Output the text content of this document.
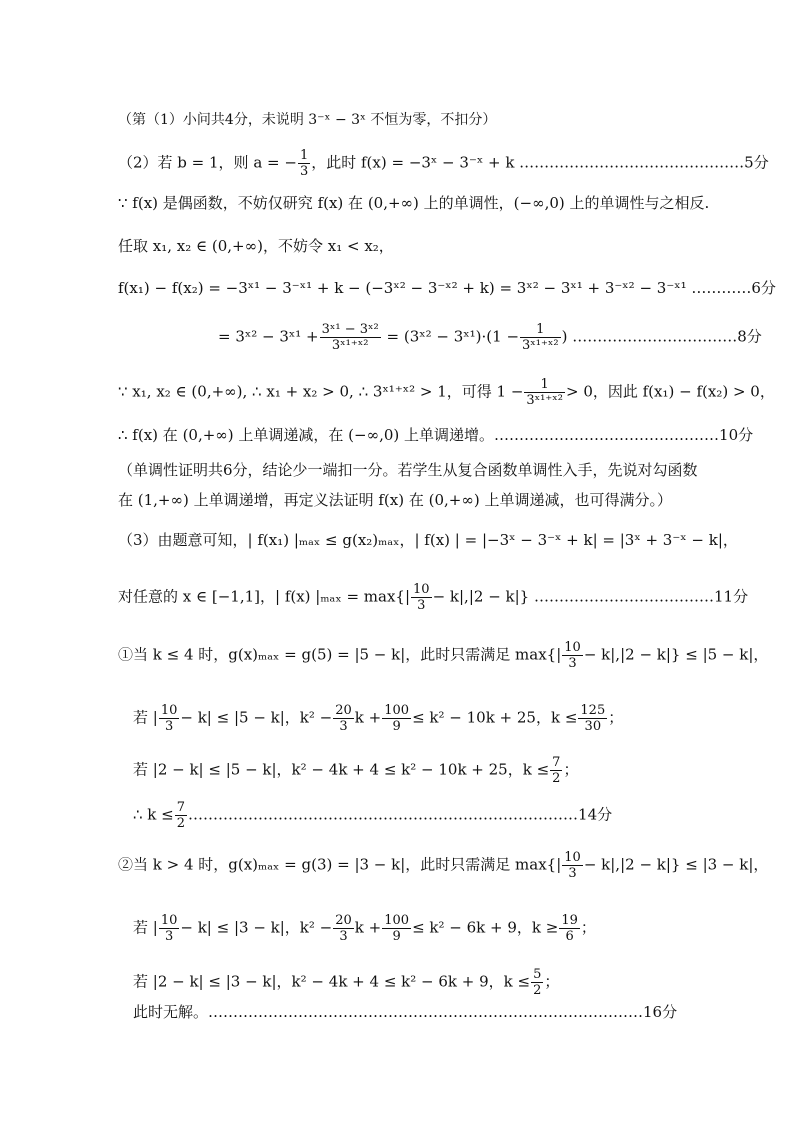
（第（1）小问共4分，未说明 3⁻ˣ − 3ˣ 不恒为零，不扣分）
（2）若 b = 1，则 a = − $\frac{1}{3}$ ，此时 f(x) = −3ˣ − 3⁻ˣ + k ………………………………………5分
∵ f(x) 是偶函数，不妨仅研究 f(x) 在 (0,+∞) 上的单调性，(−∞,0) 上的单调性与之相反.
任取 x₁, x₂ ∈ (0,+∞)，不妨令 x₁ < x₂，
f(x₁) − f(x₂) = −3ˣ¹ − 3⁻ˣ¹ + k − (−3ˣ² − 3⁻ˣ² + k) = 3ˣ² − 3ˣ¹ + 3⁻ˣ² − 3⁻ˣ¹ …………6分
= 3ˣ² − 3ˣ¹ + $\frac{\text{3ˣ¹ − 3ˣ²}}{\text{3ˣ¹⁺ˣ²}}$ = (3ˣ² − 3ˣ¹)·(1 − $\frac{1}{\text{3ˣ¹⁺ˣ²}}$ ) ……………………………8分
∵ x₁, x₂ ∈ (0,+∞), ∴ x₁ + x₂ > 0, ∴ 3ˣ¹⁺ˣ² > 1，可得 $1 - \frac{1}{\text{3ˣ¹⁺ˣ²}} > 0$，因此 f(x₁) − f(x₂) > 0，
∴ f(x) 在 (0,+∞) 上单调递减，在 (−∞,0) 上单调递增。………………………………………10分
（单调性证明共6分，结论少一端扣一分。若学生从复合函数单调性入手，先说对勾函数
在 (1,+∞) 上单调递增，再定义法证明 f(x) 在 (0,+∞) 上单调递减，也可得满分。）
（3）由题意可知，| f(x₁) |ₘₐₓ ≤ g(x₂)ₘₐₓ，| f(x) | = |−3ˣ − 3⁻ˣ + k| = |3ˣ + 3⁻ˣ − k|，
对任意的 x ∈ [−1,1]，| f(x) $|_{max} = \max\{| \frac{10}{3} - k|,|2 - k|\}$ ………………………………11分
①当 k ≤ 4 时，g(x)ₘₐₓ = g(5) = |5 − k|，此时只需满足 $\max\{| \frac{10}{3} - k|,|2 - k|\} \le |5 - k|$，
若 | $\frac{10}{3} - k| \le |5 - k|$，$k^2 - \frac{20}{3}$ $k + \frac{100}{9} \le k^2 - 10k + 25$，$k \le \frac{125}{30}$ ；
若 |2 − k| ≤ |5 − k|，k² − 4k + 4 ≤ k² − 10k + 25，$k \le \frac{7}{2}$ ；
∴ $k \le \frac{7}{2}$ ……………………………………………………………………14分
②当 k > 4 时，g(x)ₘₐₓ = g(3) = |3 − k|，此时只需满足 $\max\{| \frac{10}{3} - k|,|2 - k|\} \le |3 - k|$，
若 | $\frac{10}{3} - k| \le |3 - k|$，$k^2 - \frac{20}{3}$ $k + \frac{100}{9} \le k^2 - 6k + 9$，$k \ge \frac{19}{6}$ ；
若 |2 − k| ≤ |3 − k|，k² − 4k + 4 ≤ k² − 6k + 9，$k \le \frac{5}{2}$ ；
此时无解。……………………………………………………………………………16分
